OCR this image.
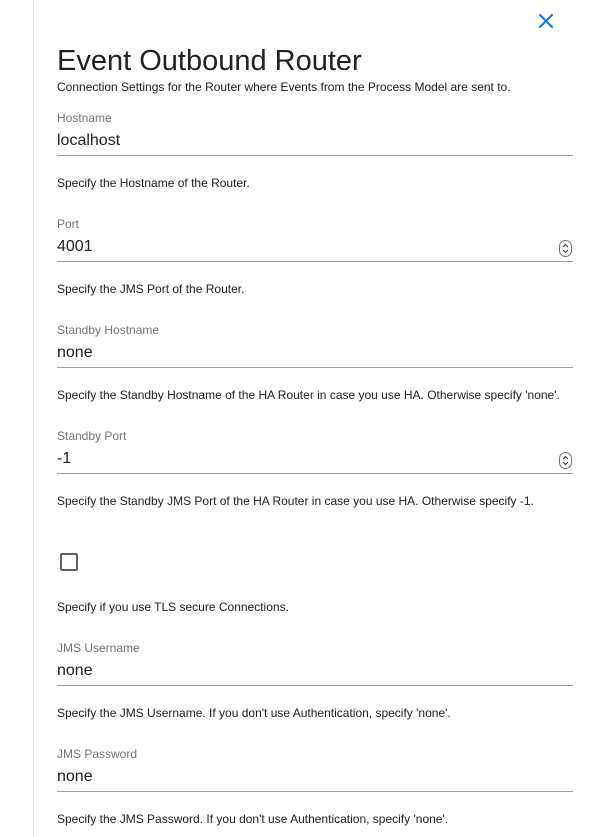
Event Outbound Router
Connection Settings for the Router where Events from the Process Model are sent to.
Hostname
localhost
Specify the Hostname of the Router.
Port
4001
Specify the JMS Port of the Router.
Standby Hostname
none
Specify the Standby Hostname of the HA Router in case you use HA. Otherwise specify 'none'.
Standby Port
-1
Specify the Standby JMS Port of the HA Router in case you use HA. Otherwise specify -1.
Specify if you use TLS secure Connections.
JMS Username
none
Specify the JMS Username. If you don't use Authentication, specify 'none'.
JMS Password
none
Specify the JMS Password. If you don't use Authentication, specify 'none'.
